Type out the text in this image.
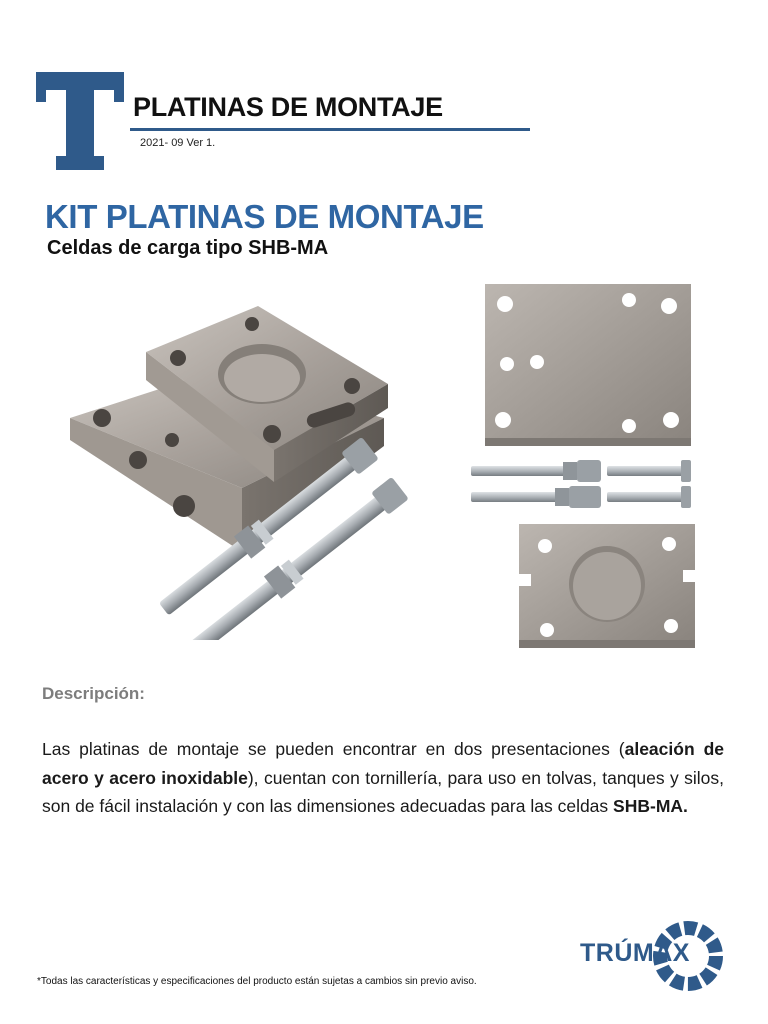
PLATINAS DE MONTAJE
2021- 09 Ver 1.
KIT PLATINAS DE MONTAJE
Celdas de carga tipo SHB-MA
Descripción:
Las platinas de montaje se pueden encontrar en dos presentaciones (aleación de acero y acero inoxidable), cuentan con tornillería, para uso en tolvas, tanques y silos, son de fácil instalación y con las dimensiones adecuadas para las celdas SHB-MA.
TRÚMAX
*Todas las características y especificaciones del producto están sujetas a cambios sin previo aviso.
